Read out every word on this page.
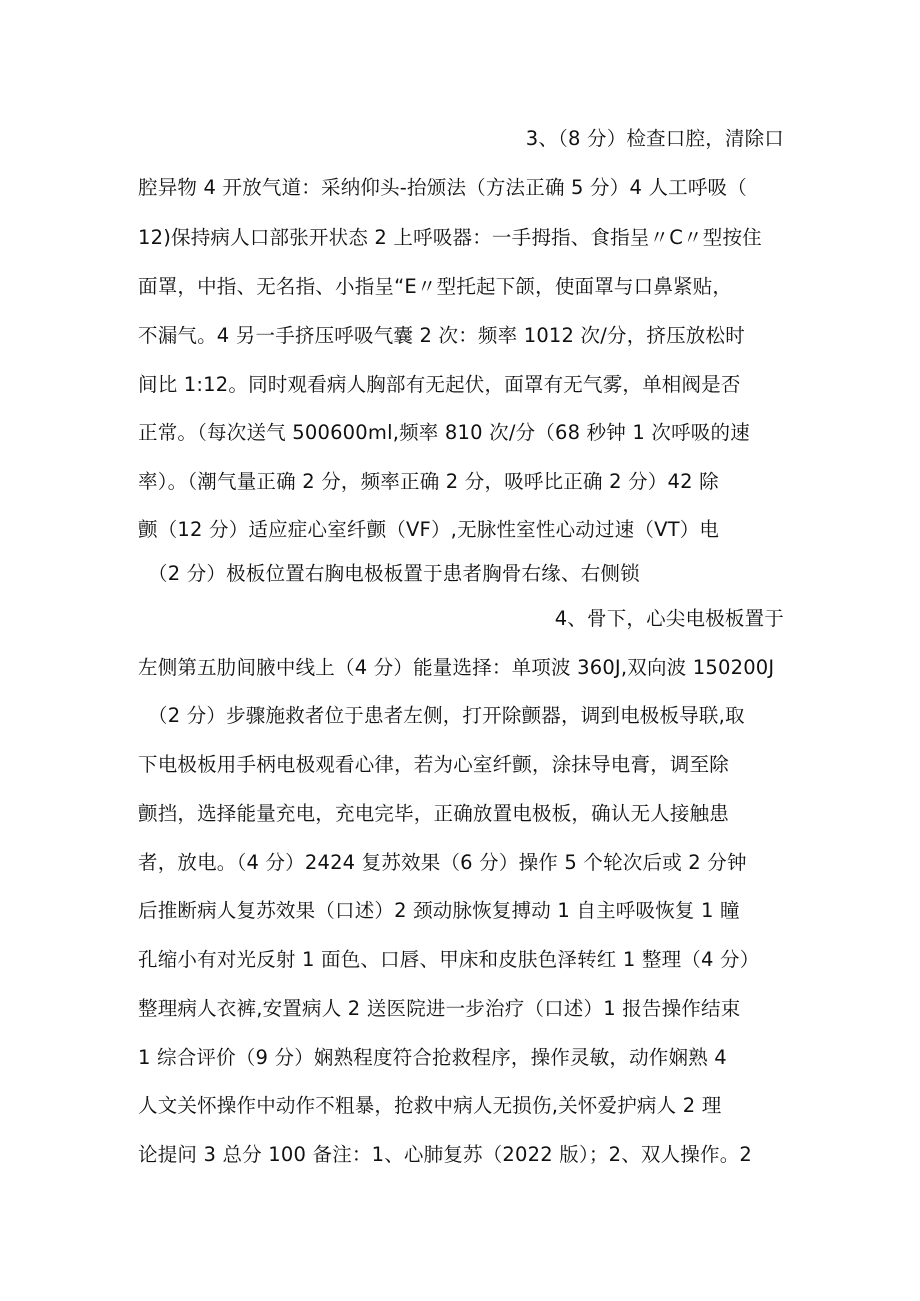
3、（8 分）检查口腔，清除口
腔异物 4 开放气道：采纳仰头-抬颁法（方法正确 5 分）4 人工呼吸（
12)保持病人口部张开状态 2 上呼吸器：一手拇指、食指呈〃C〃型按住
面罩，中指、无名指、小指呈“E〃型托起下颌，使面罩与口鼻紧贴，
不漏气。4 另一手挤压呼吸气囊 2 次：频率 1012 次/分，挤压放松时
间比 1:12。同时观看病人胸部有无起伏，面罩有无气雾，单相阀是否
正常。（每次送气 500600ml,频率 810 次/分（68 秒钟 1 次呼吸的速
率）。（潮气量正确 2 分，频率正确 2 分，吸呼比正确 2 分）42 除
颤（12 分）适应症心室纤颤（VF）,无脉性室性心动过速（VT）电
（2 分）极板位置右胸电极板置于患者胸骨右缘、右侧锁
4、骨下，心尖电极板置于
左侧第五肋间腋中线上（4 分）能量选择：单项波 360J,双向波 150200J
（2 分）步骤施救者位于患者左侧，打开除颤器，调到电极板导联,取
下电极板用手柄电极观看心律，若为心室纤颤，涂抹导电膏，调至除
颤挡，选择能量充电，充电完毕，正确放置电极板，确认无人接触患
者，放电。（4 分）2424 复苏效果（6 分）操作 5 个轮次后或 2 分钟
后推断病人复苏效果（口述）2 颈动脉恢复搏动 1 自主呼吸恢复 1 瞳
孔缩小有对光反射 1 面色、口唇、甲床和皮肤色泽转红 1 整理（4 分）
整理病人衣裤,安置病人 2 送医院进一步治疗（口述）1 报告操作结束
1 综合评价（9 分）娴熟程度符合抢救程序，操作灵敏，动作娴熟 4
人文关怀操作中动作不粗暴，抢救中病人无损伤,关怀爱护病人 2 理
论提问 3 总分 100 备注：1、心肺复苏（2022 版）；2、双人操作。2
